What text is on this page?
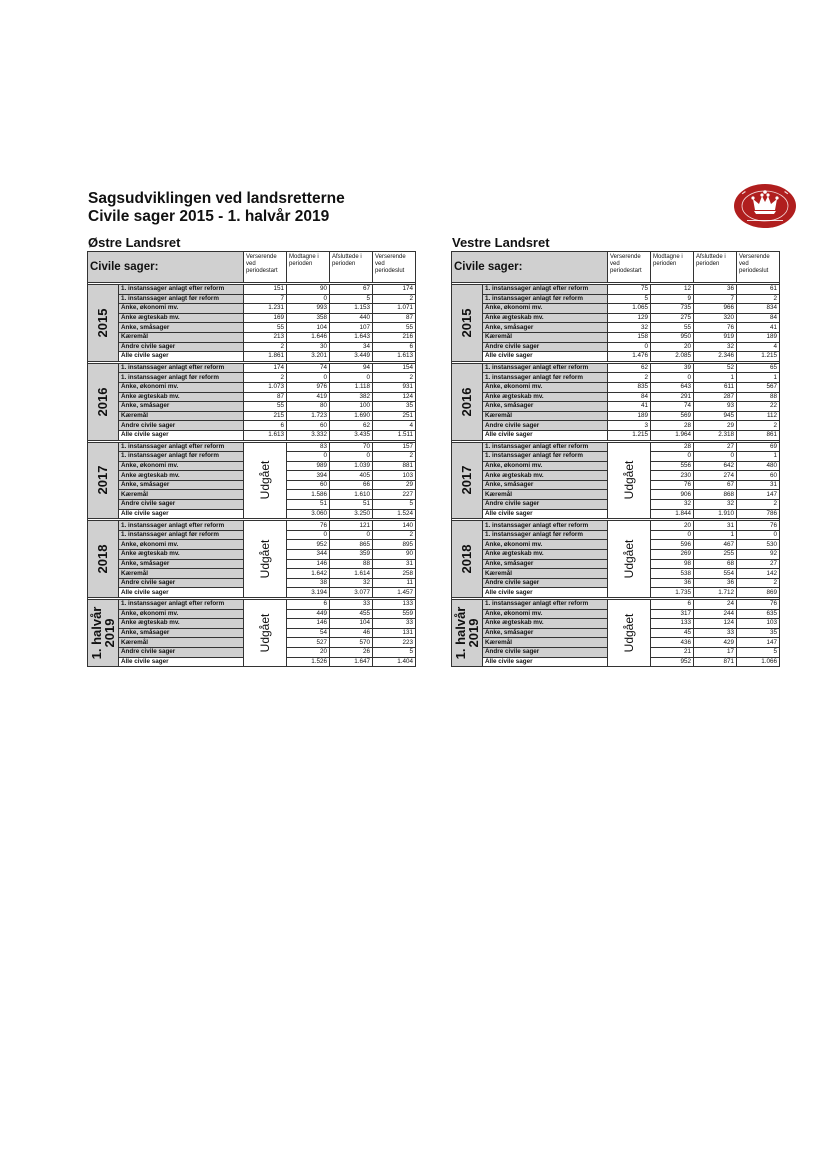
Sagsudviklingen ved landsretterne
Civile sager 2015 - 1. halvår 2019
Østre Landsret	Vestre Landsret
Civile sager:		Verserende ved periodestart	Modtagne i perioden	Afsluttede i perioden	Verserende ved periodeslut

2015	1. instanssager anlagt efter reform	151	90	67	174
	1. instanssager anlagt før reform	7	0	5	2
	Anke, økonomi mv.	1.231	993	1.153	1.071
	Anke ægteskab mv.	169	358	440	87
	Anke, småsager	55	104	107	55
	Kæremål	213	1.646	1.643	216
	Andre civile sager	2	30	34	6
	Alle civile sager	1.861	3.201	3.449	1.613

2016	1. instanssager anlagt efter reform	174	74	94	154
	1. instanssager anlagt før reform	2	0	0	2
	Anke, økonomi mv.	1.073	976	1.118	931
	Anke ægteskab mv.	87	419	382	124
	Anke, småsager	55	80	100	35
	Kæremål	215	1.723	1.690	251
	Andre civile sager	6	60	62	4
	Alle civile sager	1.613	3.332	3.435	1.511

2017	1. instanssager anlagt efter reform	Udgået	83	70	157
	1. instanssager anlagt før reform		0	0	2
	Anke, økonomi mv.		989	1.039	881
	Anke ægteskab mv.		394	405	103
	Anke, småsager		60	66	29
	Kæremål		1.586	1.610	227
	Andre civile sager		51	51	5
	Alle civile sager		3.060	3.250	1.524

2018	1. instanssager anlagt efter reform	Udgået	76	121	140
	1. instanssager anlagt før reform		0	0	2
	Anke, økonomi mv.		952	865	895
	Anke ægteskab mv.		344	359	90
	Anke, småsager		146	88	31
	Kæremål		1.642	1.614	258
	Andre civile sager		38	32	11
	Alle civile sager		3.194	3.077	1.457

1. halvår 2019	1. instanssager anlagt efter reform	Udgået	6	33	133
	Anke, økonomi mv.		449	455	559
	Anke ægteskab mv.		146	104	33
	Anke, småsager		54	46	131
	Kæremål		527	570	223
	Andre civile sager		20	26	5
	Alle civile sager		1.526	1.647	1.404
Civile sager:		Verserende ved periodestart	Modtagne i perioden	Afsluttede i perioden	Verserende ved periodeslut

2015	1. instanssager anlagt efter reform	75	12	36	61
	1. instanssager anlagt før reform	5	9	7	2
	Anke, økonomi mv.	1.065	735	966	834
	Anke ægteskab mv.	129	275	320	84
	Anke, småsager	32	55	76	41
	Kæremål	158	950	919	189
	Andre civile sager	0	20	32	4
	Alle civile sager	1.476	2.085	2.346	1.215

2016	1. instanssager anlagt efter reform	62	39	52	65
	1. instanssager anlagt før reform	2	0	1	1
	Anke, økonomi mv.	835	643	611	567
	Anke ægteskab mv.	84	291	287	88
	Anke, småsager	41	74	93	22
	Kæremål	189	569	945	112
	Andre civile sager	3	28	29	2
	Alle civile sager	1.215	1.964	2.318	861

2017	1. instanssager anlagt efter reform	Udgået	28	27	69
	1. instanssager anlagt før reform		0	0	1
	Anke, økonomi mv.		556	642	480
	Anke ægteskab mv.		230	274	60
	Anke, småsager		76	67	31
	Kæremål		906	868	147
	Andre civile sager		32	32	2
	Alle civile sager		1.844	1.910	786

2018	1. instanssager anlagt efter reform	Udgået	20	31	76
	1. instanssager anlagt før reform		0	1	0
	Anke, økonomi mv.		596	467	530
	Anke ægteskab mv.		269	255	92
	Anke, småsager		98	68	27
	Kæremål		538	554	142
	Andre civile sager		36	36	2
	Alle civile sager		1.735	1.712	869

1. halvår 2019	1. instanssager anlagt efter reform	Udgået	6	24	76
	Anke, økonomi mv.		317	244	635
	Anke ægteskab mv.		133	124	103
	Anke, småsager		45	33	35
	Kæremål		436	429	147
	Andre civile sager		21	17	5
	Alle civile sager		952	871	1.066
